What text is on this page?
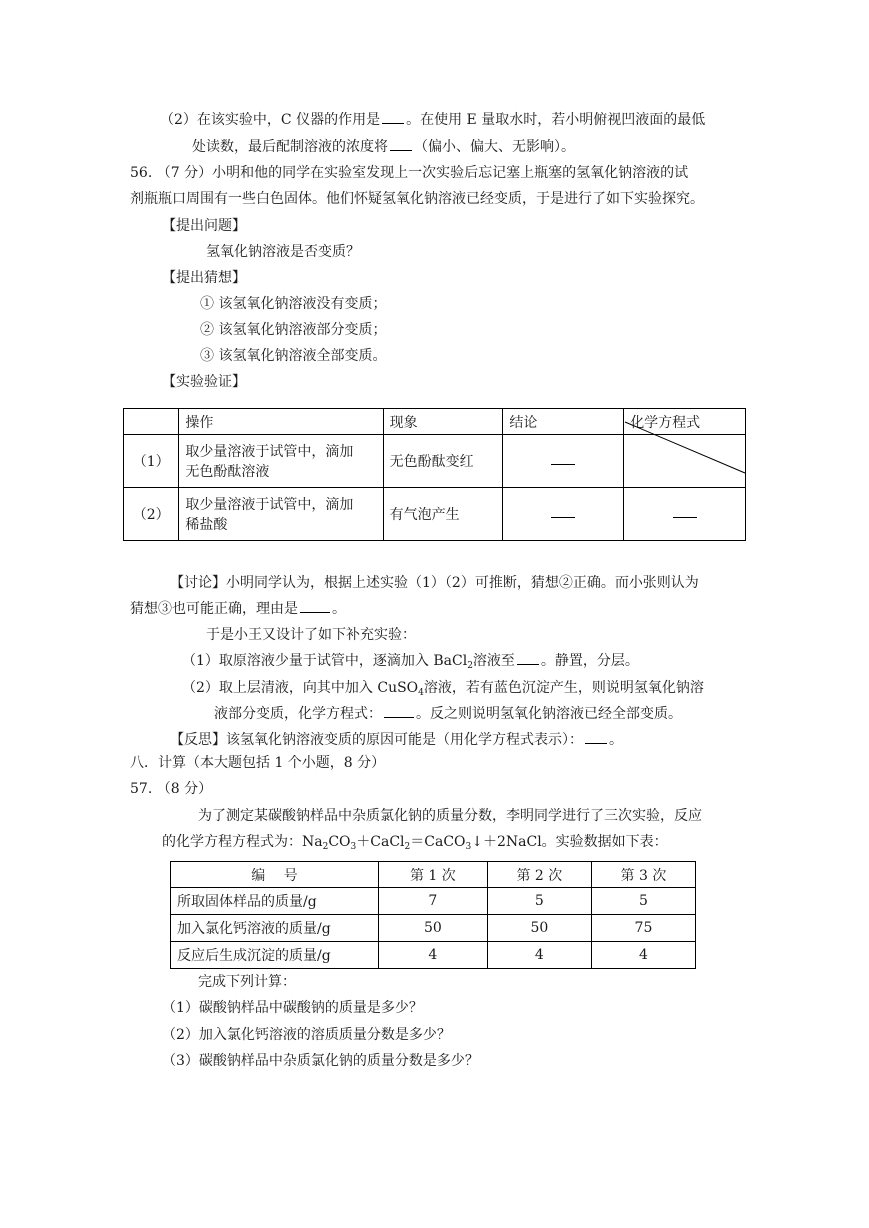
（2）在该实验中，C 仪器的作用是 。在使用 E 量取水时，若小明俯视凹液面的最低
处读数，最后配制溶液的浓度将 （偏小、偏大、无影响）。
56. （7 分）小明和他的同学在实验室发现上一次实验后忘记塞上瓶塞的氢氧化钠溶液的试
剂瓶瓶口周围有一些白色固体。他们怀疑氢氧化钠溶液已经变质，于是进行了如下实验探究。
【提出问题】
氢氧化钠溶液是否变质？
【提出猜想】
① 该氢氧化钠溶液没有变质；
② 该氢氧化钠溶液部分变质；
③ 该氢氧化钠溶液全部变质。
【实验验证】
	操作	现象	结论	化学方程式
（1）	取少量溶液于试管中，滴加
无色酚酞溶液	无色酚酞变红		
（2）	取少量溶液于试管中，滴加
稀盐酸	有气泡产生		
【讨论】小明同学认为，根据上述实验（1）（2）可推断，猜想②正确。而小张则认为
猜想③也可能正确，理由是 。
于是小王又设计了如下补充实验：
（1）取原溶液少量于试管中，逐滴加入 BaCl$_2$溶液至 。静置，分层。
（2）取上层清液，向其中加入 CuSO$_4$溶液，若有蓝色沉淀产生，则说明氢氧化钠溶
液部分变质，化学方程式： 。反之则说明氢氧化钠溶液已经全部变质。
【反思】该氢氧化钠溶液变质的原因可能是（用化学方程式表示）： 。
八．计算（本大题包括 1 个小题，8 分）
57. （8 分）
为了测定某碳酸钠样品中杂质氯化钠的质量分数，李明同学进行了三次实验，反应
的化学方程方程式为：$Na_2CO_3+CaCl_2=CaCO_3↓+2NaCl$。实验数据如下表：
编　 号	第 1 次	第 2 次	第 3 次
所取固体样品的质量/g	7	5	5
加入氯化钙溶液的质量/g	50	50	75
反应后生成沉淀的质量/g	4	4	4
完成下列计算：
（1）碳酸钠样品中碳酸钠的质量是多少？
（2）加入氯化钙溶液的溶质质量分数是多少？
（3）碳酸钠样品中杂质氯化钠的质量分数是多少？
